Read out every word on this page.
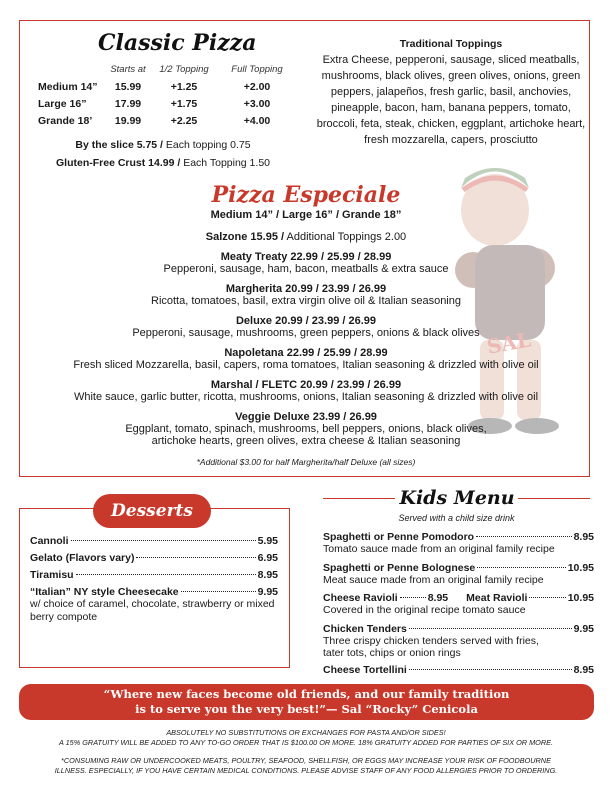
Classic Pizza
Starts at	1/2 Topping	Full Topping
Medium 14”	15.99	+1.25	+2.00
Large 16”	17.99	+1.75	+3.00
Grande 18’	19.99	+2.25	+4.00
By the slice 5.75 / Each topping 0.75
Gluten-Free Crust 14.99 / Each Topping 1.50
Traditional Toppings
Extra Cheese, pepperoni, sausage, sliced meatballs, mushrooms, black olives, green olives, onions, green peppers, jalapeños, fresh garlic, basil, anchovies, pineapple, bacon, ham, banana peppers, tomato, broccoli, feta, steak, chicken, eggplant, artichoke heart, fresh mozzarella, capers, prosciutto
SAL
Pizza Especiale
Medium 14” / Large 16” / Grande 18”
Salzone 15.95 / Additional Toppings 2.00
Meaty Treaty 22.99 / 25.99 / 28.99
Pepperoni, sausage, ham, bacon, meatballs & extra sauce
Margherita 20.99 / 23.99 / 26.99
Ricotta, tomatoes, basil, extra virgin olive oil & Italian seasoning
Deluxe 20.99 / 23.99 / 26.99
Pepperoni, sausage, mushrooms, green peppers, onions & black olives
Napoletana 22.99 / 25.99 / 28.99
Fresh sliced Mozzarella, basil, capers, roma tomatoes, Italian seasoning & drizzled with olive oil
Marshal / FLETC 20.99 / 23.99 / 26.99
White sauce, garlic butter, ricotta, mushrooms, onions, Italian seasoning & drizzled with olive oil
Veggie Deluxe 23.99 / 26.99
Eggplant, tomato, spinach, mushrooms, bell peppers, onions, black olives,
artichoke hearts, green olives, extra cheese & Italian seasoning
*Additional $3.00 for half Margherita/half Deluxe (all sizes)
Desserts
Cannoli	5.95
Gelato (Flavors vary)	6.95
Tiramisu	8.95
“Italian” NY style Cheesecake	9.95
w/ choice of caramel, chocolate, strawberry or mixed berry compote
Kids Menu
Served with a child size drink
Spaghetti or Penne Pomodoro	8.95
Tomato sauce made from an original family recipe
Spaghetti or Penne Bolognese	10.95
Meat sauce made from an original family recipe
Cheese Ravioli	8.95 Meat Ravioli	10.95
Covered in the original recipe tomato sauce
Chicken Tenders	9.95
Three crispy chicken tenders served with fries,
tater tots, chips or onion rings
Cheese Tortellini	8.95
“Where new faces become old friends, and our family tradition
is to serve you the very best!”— Sal “Rocky” Cenicola
ABSOLUTELY NO SUBSTITUTIONS OR EXCHANGES FOR PASTA AND/OR SIDES!
A 15% GRATUITY WILL BE ADDED TO ANY TO-GO ORDER THAT IS $100.00 OR MORE. 18% GRATUITY ADDED FOR PARTIES OF SIX OR MORE.
*CONSUMING RAW OR UNDERCOOKED MEATS, POULTRY, SEAFOOD, SHELLFISH, OR EGGS MAY INCREASE YOUR RISK OF FOODBOURNE
ILLNESS. ESPECIALLY, IF YOU HAVE CERTAIN MEDICAL CONDITIONS. PLEASE ADVISE STAFF OF ANY FOOD ALLERGIES PRIOR TO ORDERING.
